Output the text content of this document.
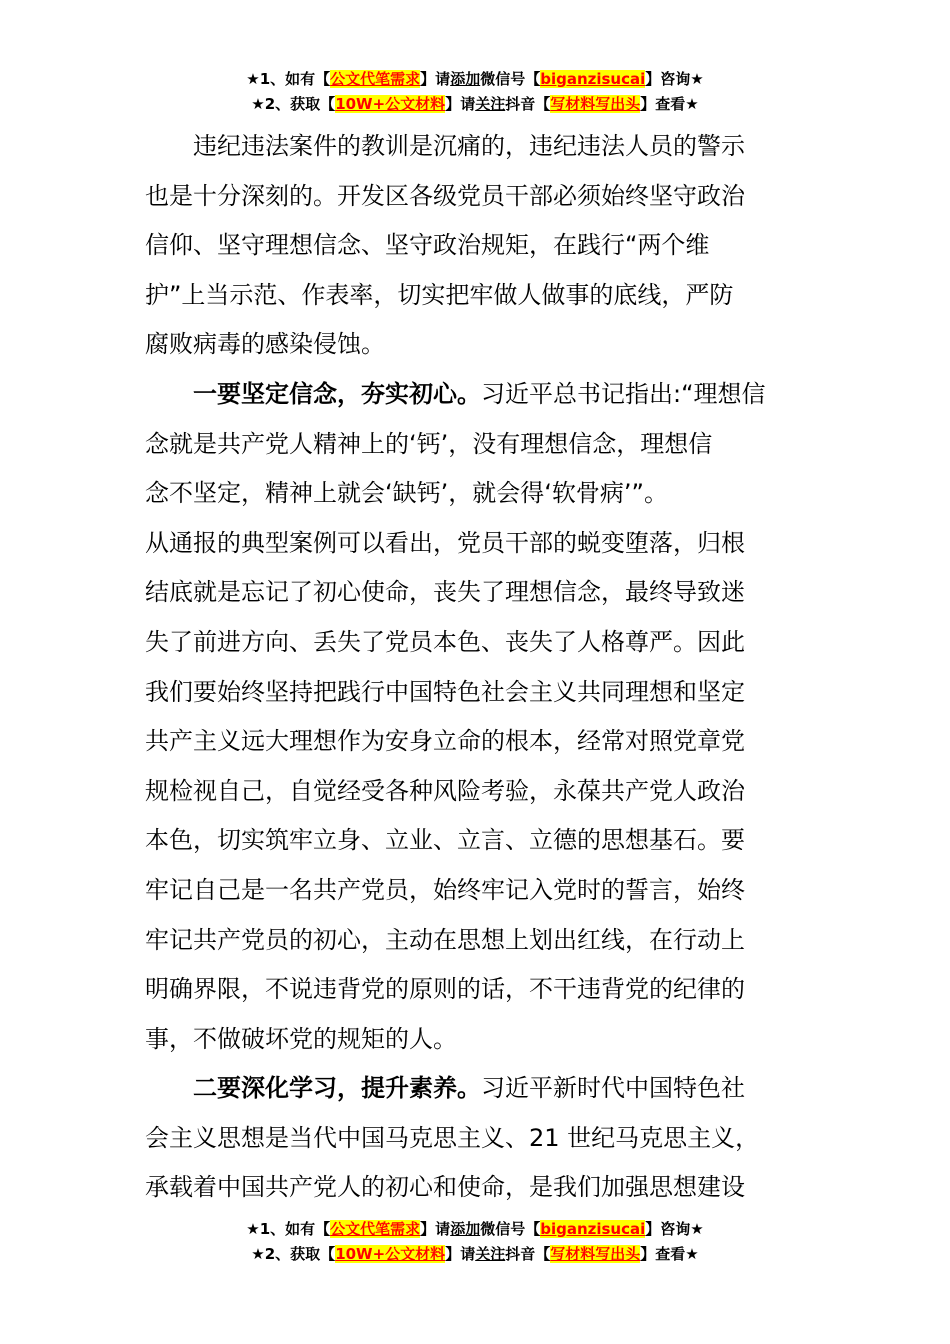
★1、如有【公文代笔需求】请添加微信号【biganzisucai】咨询★
★2、获取【10W+公文材料】请关注抖音【写材料写出头】查看★
　　违纪违法案件的教训是沉痛的，违纪违法人员的警示
也是十分深刻的。开发区各级党员干部必须始终坚守政治
信仰、坚守理想信念、坚守政治规矩，在践行“两个维
护”上当示范、作表率，切实把牢做人做事的底线，严防
腐败病毒的感染侵蚀。
　　一要坚定信念，夯实初心。习近平总书记指出:“理想信
念就是共产党人精神上的‘钙’，没有理想信念，理想信
念不坚定，精神上就会‘缺钙’，就会得‘软骨病’”。
从通报的典型案例可以看出，党员干部的蜕变堕落，归根
结底就是忘记了初心使命，丧失了理想信念，最终导致迷
失了前进方向、丢失了党员本色、丧失了人格尊严。因此
我们要始终坚持把践行中国特色社会主义共同理想和坚定
共产主义远大理想作为安身立命的根本，经常对照党章党
规检视自己，自觉经受各种风险考验，永葆共产党人政治
本色，切实筑牢立身、立业、立言、立德的思想基石。要
牢记自己是一名共产党员，始终牢记入党时的誓言，始终
牢记共产党员的初心，主动在思想上划出红线，在行动上
明确界限，不说违背党的原则的话，不干违背党的纪律的
事，不做破坏党的规矩的人。
　　二要深化学习，提升素养。习近平新时代中国特色社
会主义思想是当代中国马克思主义、21 世纪马克思主义，
承载着中国共产党人的初心和使命，是我们加强思想建设
★1、如有【公文代笔需求】请添加微信号【biganzisucai】咨询★
★2、获取【10W+公文材料】请关注抖音【写材料写出头】查看★
